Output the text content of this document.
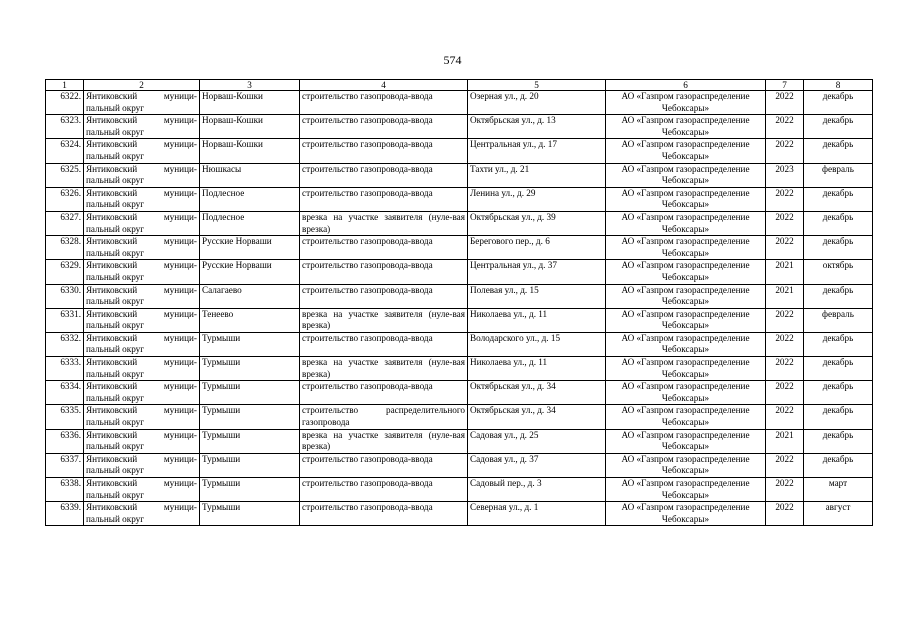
574
1	2	3	4	5	6	7	8
6322.	Янтиковский муници-пальный округ	Норваш-Кошки	строительство газопровода-ввода	Озерная ул., д. 20	АО «Газпром газораспределение Чебоксары»	2022	декабрь
6323.	Янтиковский муници-пальный округ	Норваш-Кошки	строительство газопровода-ввода	Октябрьская ул., д. 13	АО «Газпром газораспределение Чебоксары»	2022	декабрь
6324.	Янтиковский муници-пальный округ	Норваш-Кошки	строительство газопровода-ввода	Центральная ул., д. 17	АО «Газпром газораспределение Чебоксары»	2022	декабрь
6325.	Янтиковский муници-пальный округ	Нюшкасы	строительство газопровода-ввода	Тахти ул., д. 21	АО «Газпром газораспределение Чебоксары»	2023	февраль
6326.	Янтиковский муници-пальный округ	Подлесное	строительство газопровода-ввода	Ленина ул., д. 29	АО «Газпром газораспределение Чебоксары»	2022	декабрь
6327.	Янтиковский муници-пальный округ	Подлесное	врезка на участке заявителя (нуле-вая врезка)	Октябрьская ул., д. 39	АО «Газпром газораспределение Чебоксары»	2022	декабрь
6328.	Янтиковский муници-пальный округ	Русские Норваши	строительство газопровода-ввода	Берегового пер., д. 6	АО «Газпром газораспределение Чебоксары»	2022	декабрь
6329.	Янтиковский муници-пальный округ	Русские Норваши	строительство газопровода-ввода	Центральная ул., д. 37	АО «Газпром газораспределение Чебоксары»	2021	октябрь
6330.	Янтиковский муници-пальный округ	Салагаево	строительство газопровода-ввода	Полевая ул., д. 15	АО «Газпром газораспределение Чебоксары»	2021	декабрь
6331.	Янтиковский муници-пальный округ	Тенеево	врезка на участке заявителя (нуле-вая врезка)	Николаева ул., д. 11	АО «Газпром газораспределение Чебоксары»	2022	февраль
6332.	Янтиковский муници-пальный округ	Турмыши	строительство газопровода-ввода	Володарского ул., д. 15	АО «Газпром газораспределение Чебоксары»	2022	декабрь
6333.	Янтиковский муници-пальный округ	Турмыши	врезка на участке заявителя (нуле-вая врезка)	Николаева ул., д. 11	АО «Газпром газораспределение Чебоксары»	2022	декабрь
6334.	Янтиковский муници-пальный округ	Турмыши	строительство газопровода-ввода	Октябрьская ул., д. 34	АО «Газпром газораспределение Чебоксары»	2022	декабрь
6335.	Янтиковский муници-пальный округ	Турмыши	строительство распределительного газопровода	Октябрьская ул., д. 34	АО «Газпром газораспределение Чебоксары»	2022	декабрь
6336.	Янтиковский муници-пальный округ	Турмыши	врезка на участке заявителя (нуле-вая врезка)	Садовая ул., д. 25	АО «Газпром газораспределение Чебоксары»	2021	декабрь
6337.	Янтиковский муници-пальный округ	Турмыши	строительство газопровода-ввода	Садовая ул., д. 37	АО «Газпром газораспределение Чебоксары»	2022	декабрь
6338.	Янтиковский муници-пальный округ	Турмыши	строительство газопровода-ввода	Садовый пер., д. 3	АО «Газпром газораспределение Чебоксары»	2022	март
6339.	Янтиковский муници-пальный округ	Турмыши	строительство газопровода-ввода	Северная ул., д. 1	АО «Газпром газораспределение Чебоксары»	2022	август
